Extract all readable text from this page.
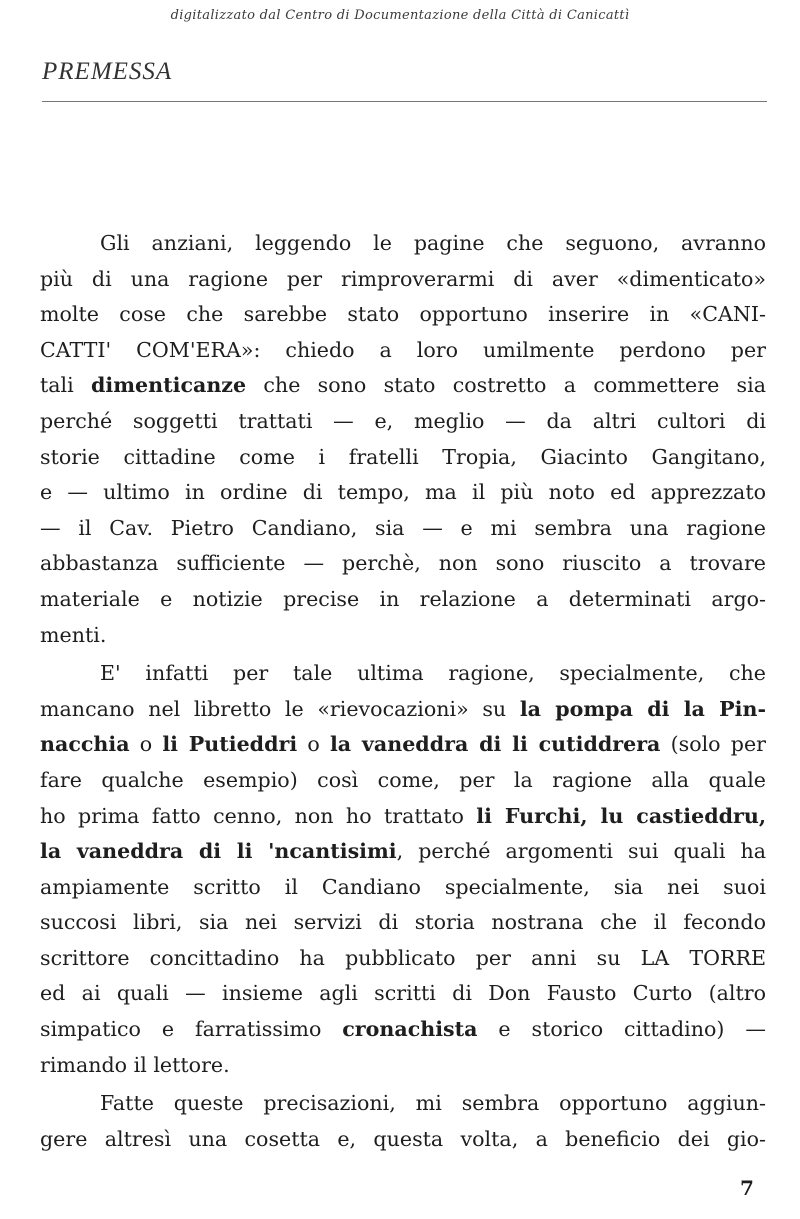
digitalizzato dal Centro di Documentazione della Città di Canicattì
PREMESSA

Gli anziani, leggendo le pagine che seguono, avranno

più di una ragione per rimproverarmi di aver «dimenticato»

molte cose che sarebbe stato opportuno inserire in «CANI-

CATTI' COM'ERA»: chiedo a loro umilmente perdono per

tali dimenticanze che sono stato costretto a commettere sia

perché soggetti trattati — e, meglio — da altri cultori di

storie cittadine come i fratelli Tropia, Giacinto Gangitano,

e — ultimo in ordine di tempo, ma il più noto ed apprezzato

— il Cav. Pietro Candiano, sia — e mi sembra una ragione

abbastanza sufficiente — perchè, non sono riuscito a trovare

materiale e notizie precise in relazione a determinati argo-

menti.

E' infatti per tale ultima ragione, specialmente, che

mancano nel libretto le «rievocazioni» su la pompa di la Pin-

nacchia o li Putieddri o la vaneddra di li cutiddrera (solo per

fare qualche esempio) così come, per la ragione alla quale

ho prima fatto cenno, non ho trattato li Furchi, lu castieddru,

la vaneddra di li 'ncantisimi, perché argomenti sui quali ha

ampiamente scritto il Candiano specialmente, sia nei suoi

succosi libri, sia nei servizi di storia nostrana che il fecondo

scrittore concittadino ha pubblicato per anni su LA TORRE

ed ai quali — insieme agli scritti di Don Fausto Curto (altro

simpatico e farratissimo cronachista e storico cittadino) —

rimando il lettore.

Fatte queste precisazioni, mi sembra opportuno aggiun-

gere altresì una cosetta e, questa volta, a beneficio dei gio-

7
